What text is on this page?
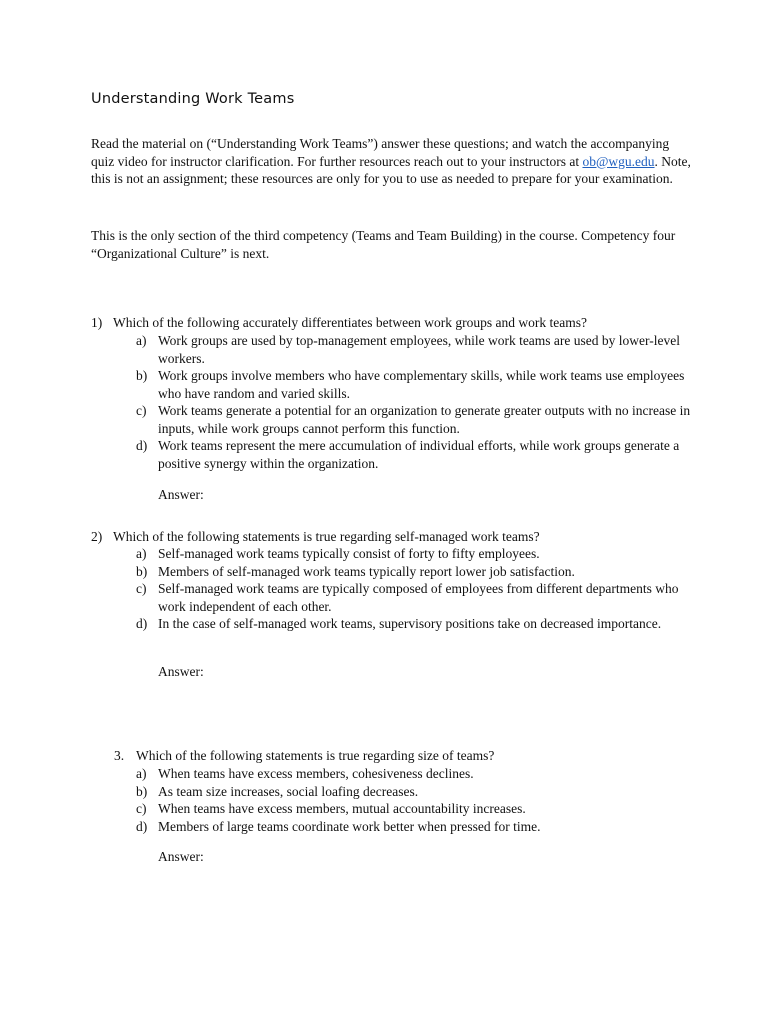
Understanding Work Teams

Read the material on (“Understanding Work Teams”) answer these questions; and watch the accompanying quiz video for instructor clarification. For further resources reach out to your instructors at ob@wgu.edu. Note, this is not an assignment; these resources are only for you to use as needed to prepare for your examination.

This is the only section of the third competency (Teams and Team Building) in the course. Competency four “Organizational Culture” is next.

1) Which of the following accurately differentiates between work groups and work teams?
a) Work groups are used by top-management employees, while work teams are used by lower-level workers.
b) Work groups involve members who have complementary skills, while work teams use employees who have random and varied skills.
c) Work teams generate a potential for an organization to generate greater outputs with no increase in inputs, while work groups cannot perform this function.
d) Work teams represent the mere accumulation of individual efforts, while work groups generate a positive synergy within the organization.
Answer:
2) Which of the following statements is true regarding self-managed work teams?
a) Self-managed work teams typically consist of forty to fifty employees.
b) Members of self-managed work teams typically report lower job satisfaction.
c) Self-managed work teams are typically composed of employees from different departments who work independent of each other.
d) In the case of self-managed work teams, supervisory positions take on decreased importance.
Answer:
3. Which of the following statements is true regarding size of teams?
a) When teams have excess members, cohesiveness declines.
b) As team size increases, social loafing decreases.
c) When teams have excess members, mutual accountability increases.
d) Members of large teams coordinate work better when pressed for time.
Answer:
